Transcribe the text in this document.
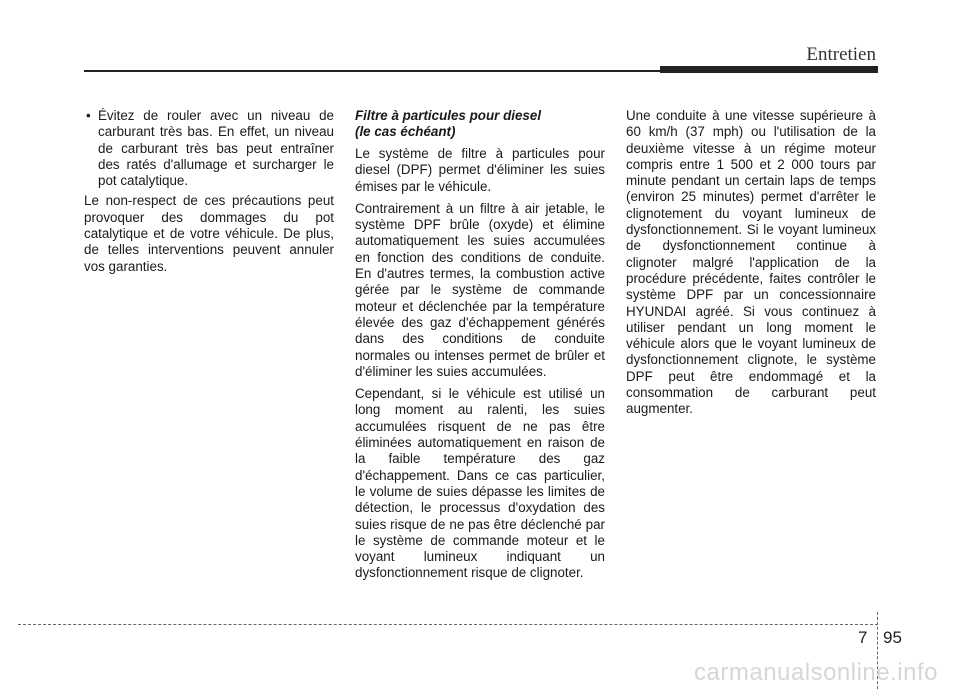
Entretien
• Évitez de rouler avec un niveau de carburant très bas. En effet, un niveau de carburant très bas peut entraîner des ratés d'allumage et surcharger le pot catalytique.

Le non-respect de ces précautions peut provoquer des dommages du pot catalytique et de votre véhicule. De plus, de telles interventions peuvent annuler vos garanties.

Filtre à particules pour diesel
(le cas échéant)

Le système de filtre à particules pour diesel (DPF) permet d'éliminer les suies émises par le véhicule.

Contrairement à un filtre à air jetable, le système DPF brûle (oxyde) et élimine automatiquement les suies accumulées en fonction des conditions de conduite. En d'autres termes, la combustion active gérée par le système de commande moteur et déclenchée par la température élevée des gaz d'échappement générés dans des conditions de conduite normales ou intenses permet de brûler et d'éliminer les suies accumulées.

Cependant, si le véhicule est utilisé un long moment au ralenti, les suies accumulées risquent de ne pas être éliminées automatiquement en raison de la faible température des gaz d'échappement. Dans ce cas particulier, le volume de suies dépasse les limites de détection, le processus d'oxydation des suies risque de ne pas être déclenché par le système de commande moteur et le voyant lumineux indiquant un dysfonctionnement risque de clignoter.

Une conduite à une vitesse supérieure à 60 km/h (37 mph) ou l'utilisation de la deuxième vitesse à un régime moteur compris entre 1 500 et 2 000 tours par minute pendant un certain laps de temps (environ 25 minutes) permet d'arrêter le clignotement du voyant lumineux de dysfonctionnement. Si le voyant lumineux de dysfonctionnement continue à clignoter malgré l'application de la procédure précédente, faites contrôler le système DPF par un concessionnaire HYUNDAI agréé. Si vous continuez à utiliser pendant un long moment le véhicule alors que le voyant lumineux de dysfonctionnement clignote, le système DPF peut être endommagé et la consommation de carburant peut augmenter.

7 95
carmanualsonline.info
